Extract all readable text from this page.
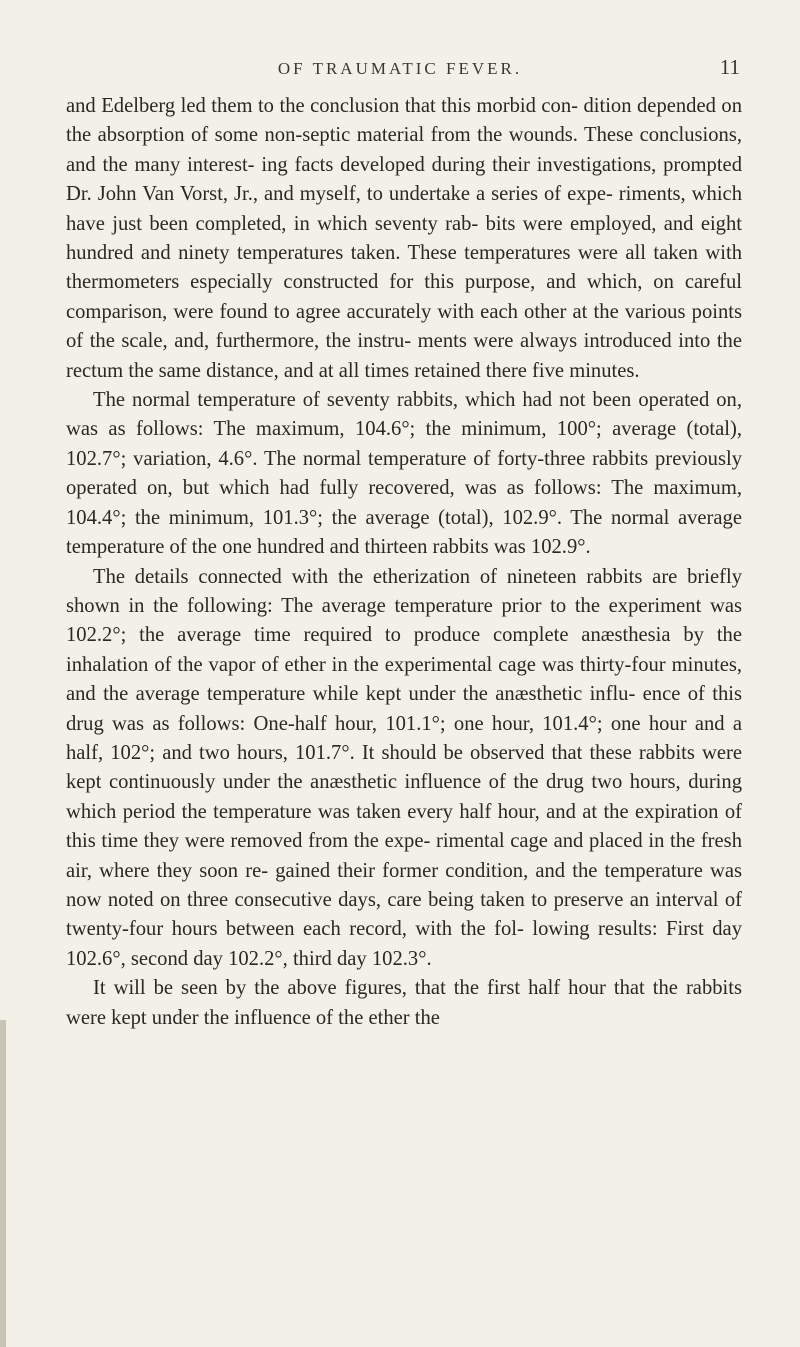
OF TRAUMATIC FEVER.	11

and Edelberg led them to the conclusion that this morbid con- dition depended on the absorption of some non-septic material from the wounds. These conclusions, and the many interest- ing facts developed during their investigations, prompted Dr. John Van Vorst, Jr., and myself, to undertake a series of expe- riments, which have just been completed, in which seventy rab- bits were employed, and eight hundred and ninety temperatures taken. These temperatures were all taken with thermometers especially constructed for this purpose, and which, on careful comparison, were found to agree accurately with each other at the various points of the scale, and, furthermore, the instru- ments were always introduced into the rectum the same distance, and at all times retained there five minutes.

The normal temperature of seventy rabbits, which had not been operated on, was as follows: The maximum, 104.6°; the minimum, 100°; average (total), 102.7°; variation, 4.6°. The normal temperature of forty-three rabbits previously operated on, but which had fully recovered, was as follows: The maximum, 104.4°; the minimum, 101.3°; the average (total), 102.9°. The normal average temperature of the one hundred and thirteen rabbits was 102.9°.

The details connected with the etherization of nineteen rabbits are briefly shown in the following: The average temperature prior to the experiment was 102.2°; the average time required to produce complete anæsthesia by the inhalation of the vapor of ether in the experimental cage was thirty-four minutes, and the average temperature while kept under the anæsthetic influ- ence of this drug was as follows: One-half hour, 101.1°; one hour, 101.4°; one hour and a half, 102°; and two hours, 101.7°. It should be observed that these rabbits were kept continuously under the anæsthetic influence of the drug two hours, during which period the temperature was taken every half hour, and at the expiration of this time they were removed from the expe- rimental cage and placed in the fresh air, where they soon re- gained their former condition, and the temperature was now noted on three consecutive days, care being taken to preserve an interval of twenty-four hours between each record, with the fol- lowing results: First day 102.6°, second day 102.2°, third day 102.3°.

It will be seen by the above figures, that the first half hour that the rabbits were kept under the influence of the ether the
